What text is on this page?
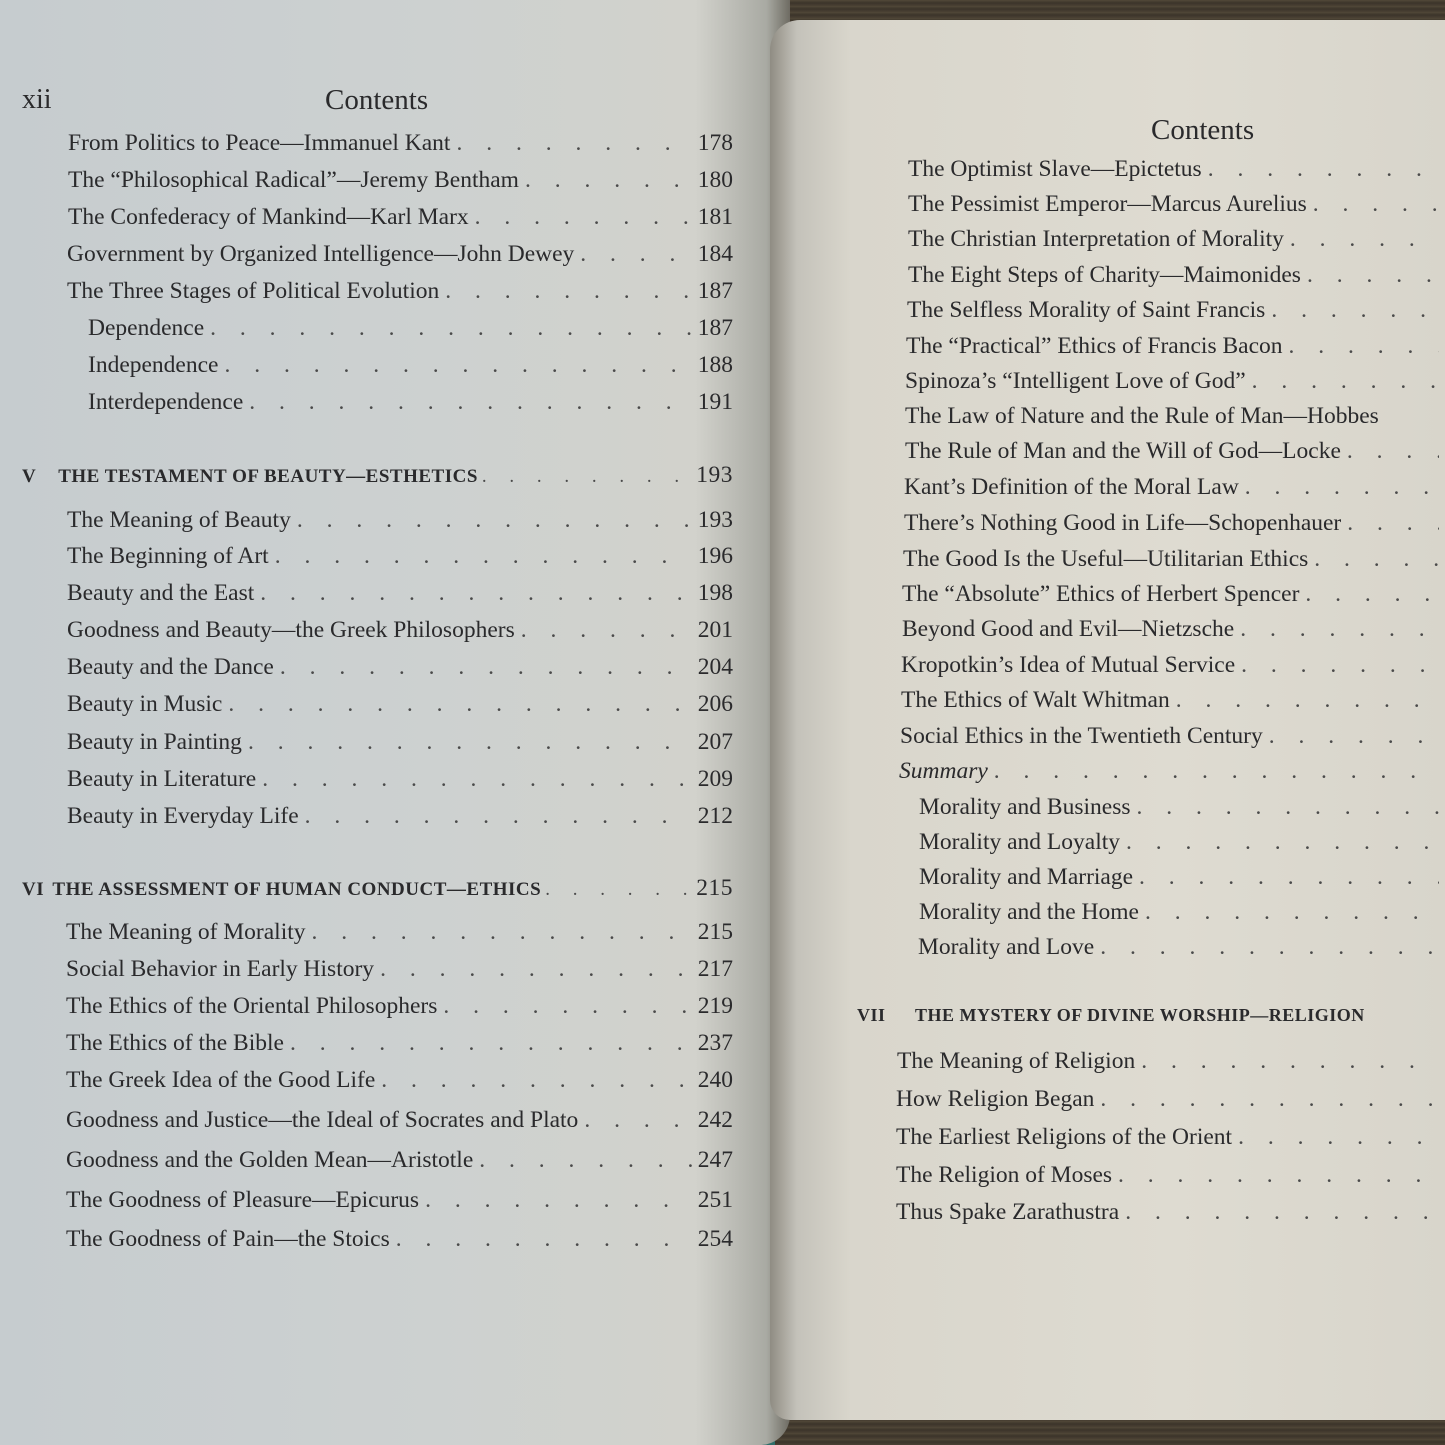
xii	Contents
From Politics to Peace—Immanuel Kant . . .	178
The “Philosophical Radical”—Jeremy Bentham . . .	180
The Confederacy of Mankind—Karl Marx . . .	181
Government by Organized Intelligence—John Dewey . . .	184
The Three Stages of Political Evolution . . .	187
Dependence . . .	187
Independence . . .	188
Interdependence . . .	191
V	THE TESTAMENT OF BEAUTY—ESTHETICS . . .	193
The Meaning of Beauty . . .	193
The Beginning of Art . . .	196
Beauty and the East . . .	198
Goodness and Beauty—the Greek Philosophers . . .	201
Beauty and the Dance . . .	204
Beauty in Music . . .	206
Beauty in Painting . . .	207
Beauty in Literature . . .	209
Beauty in Everyday Life . . .	212
VI THE ASSESSMENT OF HUMAN CONDUCT—ETHICS . . .	215
The Meaning of Morality . . .	215
Social Behavior in Early History . . .	217
The Ethics of the Oriental Philosophers . . .	219
The Ethics of the Bible . . .	237
The Greek Idea of the Good Life . . .	240
Goodness and Justice—the Ideal of Socrates and Plato . . .	242
Goodness and the Golden Mean—Aristotle . . .	247
The Goodness of Pleasure—Epicurus . . .	251
The Goodness of Pain—the Stoics . . .	254
Contents
The Optimist Slave—Epictetus
. . .
The Pessimist Emperor—Marcus Aurelius
. . .
The Christian Interpretation of Morality
. . .
The Eight Steps of Charity—Maimonides
. . .
The Selfless Morality of Saint Francis
. . .
The “Practical” Ethics of Francis Bacon
. . .
Spinoza’s “Intelligent Love of God”
. . .
The Law of Nature and the Rule of Man—Hobbes
The Rule of Man and the Will of God—Locke
. . .
Kant’s Definition of the Moral Law
. . .
There’s Nothing Good in Life—Schopenhauer
. . .
The Good Is the Useful—Utilitarian Ethics
. . .
The “Absolute” Ethics of Herbert Spencer
. . .
Beyond Good and Evil—Nietzsche
. . .
Kropotkin’s Idea of Mutual Service
. . .
The Ethics of Walt Whitman
. . .
Social Ethics in the Twentieth Century
. . .
Summary
. . .
Morality and Business
. . .
Morality and Loyalty
. . .
Morality and Marriage
. . .
Morality and the Home
. . .
Morality and Love
. . .
VII	THE MYSTERY OF DIVINE WORSHIP—RELIGION
The Meaning of Religion
. . .
How Religion Began
. . .
The Earliest Religions of the Orient
. . .
The Religion of Moses
. . .
Thus Spake Zarathustra
. . .
